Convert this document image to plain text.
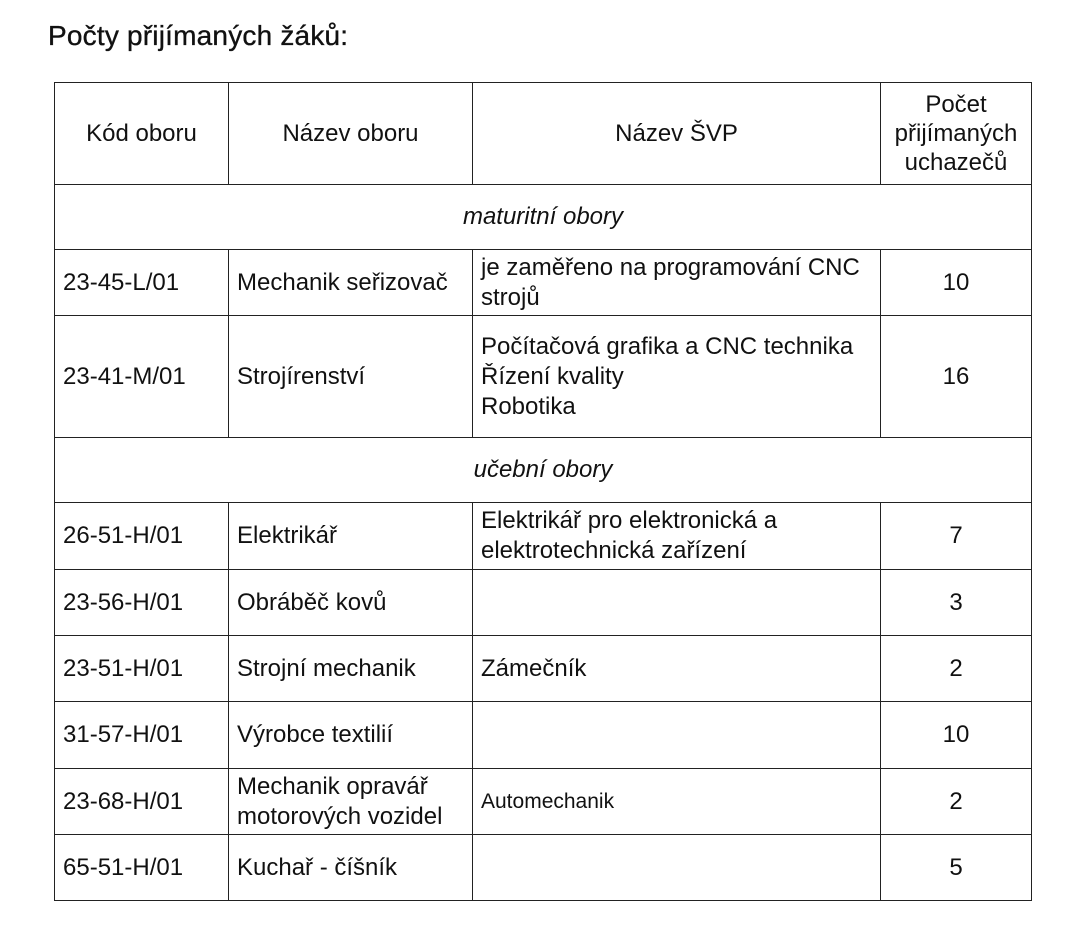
Počty přijímaných žáků:
Kód oboru	Název oboru	Název ŠVP	Počet
přijímaných
uchazečů

maturitní obory			
23-45-L/01	Mechanik seřizovač	je zaměřeno na programování CNC strojů	10
23-41-M/01	Strojírenství	Počítačová grafika a CNC technika
Řízení kvality
Robotika	16
učební obory			
26-51-H/01	Elektrikář	Elektrikář pro elektronická a elektrotechnická zařízení	7
23-56-H/01	Obráběč kovů		3
23-51-H/01	Strojní mechanik	Zámečník	2
31-57-H/01	Výrobce textilií		10
23-68-H/01	Mechanik opravář motorových vozidel	Automechanik	2
65-51-H/01	Kuchař - číšník		5
